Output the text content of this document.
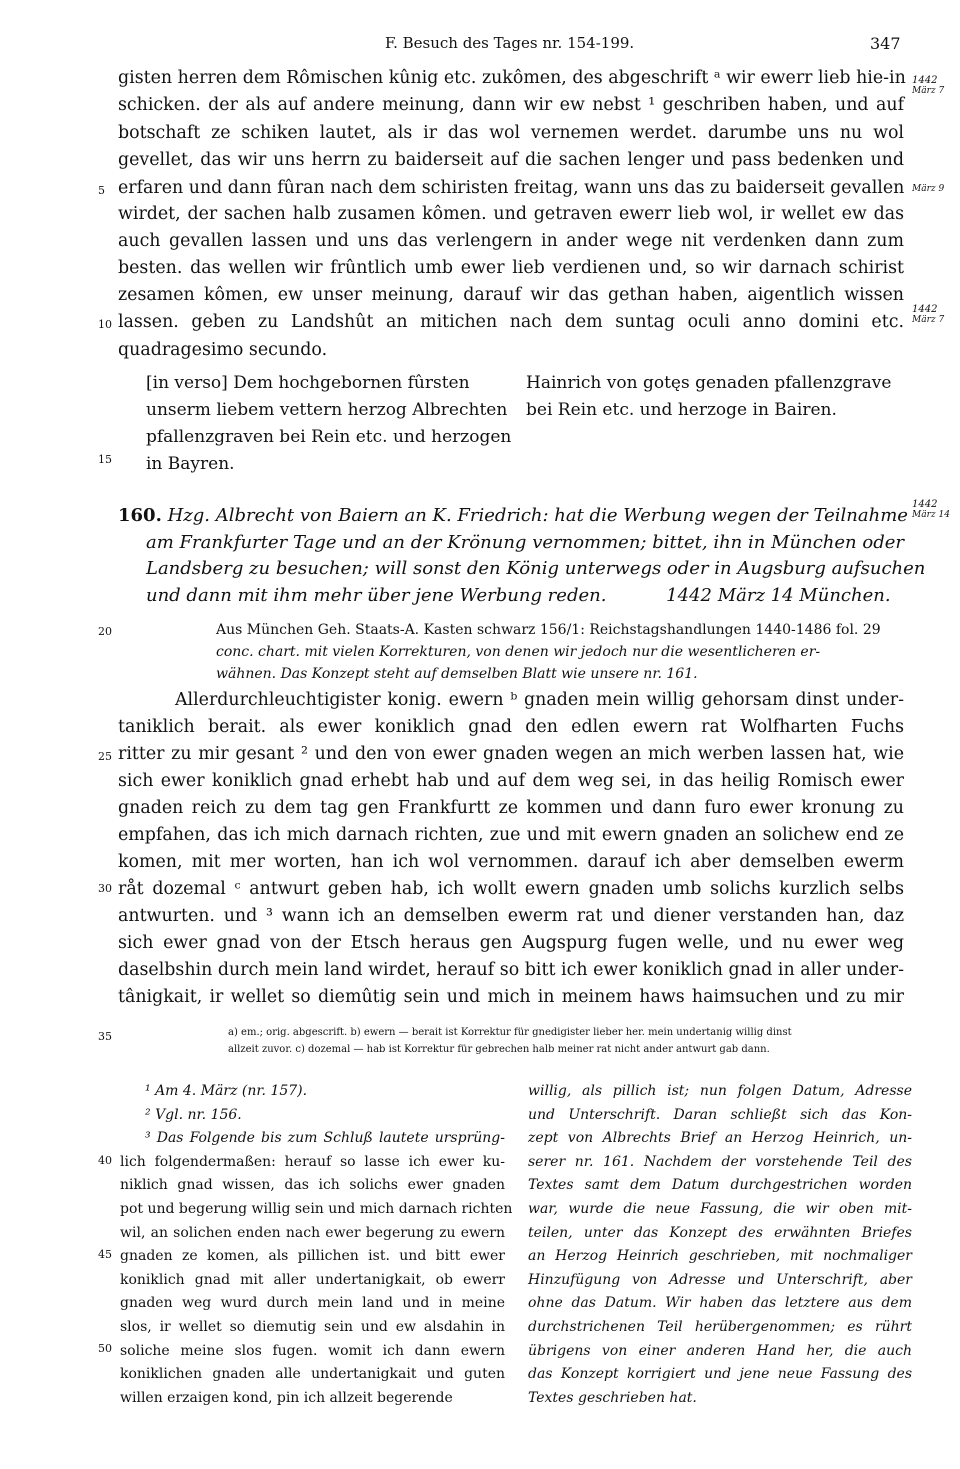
F. Besuch des Tages nr. 154-199.	347
gisten herren dem Rômischen kûnig etc. zukômen, des abgeschrift ᵃ wir ewerr lieb hie-in
schicken. der als auf andere meinung, dann wir ew nebst ¹ geschriben haben, und auf
botschaft ze schiken lautet, als ir das wol vernemen werdet. darumbe uns nu wol
gevellet, das wir uns herrn zu baiderseit auf die sachen lenger und pass bedenken und
erfaren und dann fûran nach dem schiristen freitag, wann uns das zu baiderseit gevallen
wirdet, der sachen halb zusamen kômen. und getraven ewerr lieb wol, ir wellet ew das
auch gevallen lassen und uns das verlengern in ander wege nit verdenken dann zum
besten. das wellen wir frûntlich umb ewer lieb verdienen und, so wir darnach schirist
zesamen kômen, ew unser meinung, darauf wir das gethan haben, aigentlich wissen
lassen. geben zu Landshût an mitichen nach dem suntag oculi anno domini etc.
quadragesimo secundo.
[in verso] Dem hochgebornen fûrsten
unserm liebem vettern herzog Albrechten
pfallenzgraven bei Rein etc. und herzogen
in Bayren.
Hainrich von gotęs genaden pfallenzgrave
bei Rein etc. und herzoge in Bairen.
1442
März 7
März 9
1442
März 7
1442
März 14
5
10
15
20
25
30
35
40
45
50
160. Hzg. Albrecht von Baiern an K. Friedrich: hat die Werbung wegen der Teilnahme
am Frankfurter Tage und an der Krönung vernommen; bittet, ihn in München oder
Landsberg zu besuchen; will sonst den König unterwegs oder in Augsburg aufsuchen
und dann mit ihm mehr über jene Werbung reden.	1442 März 14 München.
Aus München Geh. Staats-A. Kasten schwarz 156/1: Reichstagshandlungen 1440-1486 fol. 29
conc. chart. mit vielen Korrekturen, von denen wir jedoch nur die wesentlicheren er-
wähnen. Das Konzept steht auf demselben Blatt wie unsere nr. 161.
Allerdurchleuchtigister konig. ewern ᵇ gnaden mein willig gehorsam dinst under-
taniklich berait. als ewer koniklich gnad den edlen ewern rat Wolfharten Fuchs
ritter zu mir gesant ² und den von ewer gnaden wegen an mich werben lassen hat, wie
sich ewer koniklich gnad erhebt hab und auf dem weg sei, in das heilig Romisch ewer
gnaden reich zu dem tag gen Frankfurtt ze kommen und dann furo ewer kronung zu
empfahen, das ich mich darnach richten, zue und mit ewern gnaden an solichew end ze
komen, mit mer worten, han ich wol vernommen. darauf ich aber demselben ewerm
råt dozemal ᶜ antwurt geben hab, ich wollt ewern gnaden umb solichs kurzlich selbs
antwurten. und ³ wann ich an demselben ewerm rat und diener verstanden han, daz
sich ewer gnad von der Etsch heraus gen Augspurg fugen welle, und nu ewer weg
daselbshin durch mein land wirdet, herauf so bitt ich ewer koniklich gnad in aller under-
tânigkait, ir wellet so diemûtig sein und mich in meinem haws haimsuchen und zu mir
a) em.; orig. abgescrift. b) ewern — berait ist Korrektur für gnedigister lieber her. mein undertanig willig dinst
allzeit zuvor. c) dozemal — hab ist Korrektur für gebrechen halb meiner rat nicht ander antwurt gab dann.
¹ Am 4. März (nr. 157).
² Vgl. nr. 156.
³ Das Folgende bis zum Schluß lautete ursprüng-
lich folgendermaßen: herauf so lasse ich ewer ku-
niklich gnad wissen, das ich solichs ewer gnaden
pot und begerung willig sein und mich darnach richten
wil, an solichen enden nach ewer begerung zu ewern
gnaden ze komen, als pillichen ist. und bitt ewer
koniklich gnad mit aller undertanigkait, ob ewerr
gnaden weg wurd durch mein land und in meine
slos, ir wellet so diemutig sein und ew alsdahin in
soliche meine slos fugen. womit ich dann ewern
koniklichen gnaden alle undertanigkait und guten
willen erzaigen kond, pin ich allzeit begerende
willig, als pillich ist; nun folgen Datum, Adresse
und Unterschrift. Daran schließt sich das Kon-
zept von Albrechts Brief an Herzog Heinrich, un-
serer nr. 161. Nachdem der vorstehende Teil des
Textes samt dem Datum durchgestrichen worden
war, wurde die neue Fassung, die wir oben mit-
teilen, unter das Konzept des erwähnten Briefes
an Herzog Heinrich geschrieben, mit nochmaliger
Hinzufügung von Adresse und Unterschrift, aber
ohne das Datum. Wir haben das letztere aus dem
durchstrichenen Teil herübergenommen; es rührt
übrigens von einer anderen Hand her, die auch
das Konzept korrigiert und jene neue Fassung des
Textes geschrieben hat.
